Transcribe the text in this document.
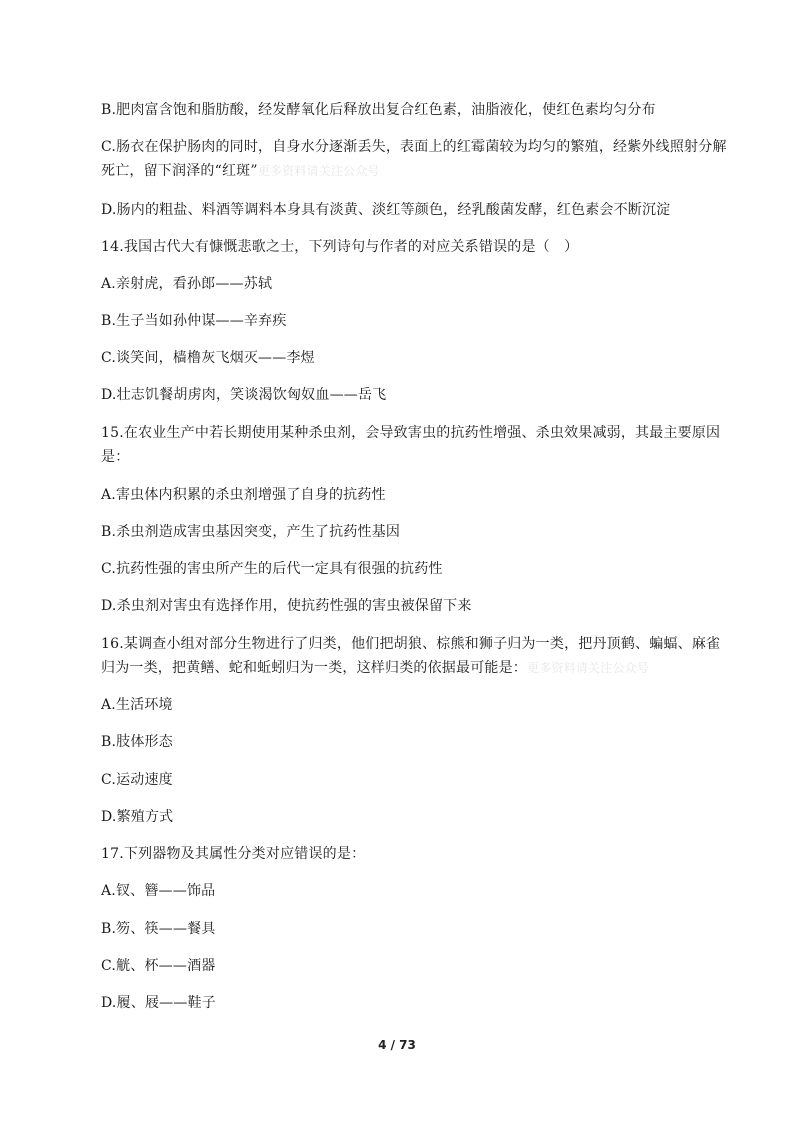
B.肥肉富含饱和脂肪酸，经发酵氧化后释放出复合红色素，油脂液化，使红色素均匀分布
C.肠衣在保护肠肉的同时，自身水分逐渐丢失，表面上的红霉菌较为均匀的繁殖，经紫外线照射分解
死亡，留下润泽的“红斑”更多资料请关注公众号
D.肠内的粗盐、料酒等调料本身具有淡黄、淡红等颜色，经乳酸菌发酵，红色素会不断沉淀
14.我国古代大有慷慨悲歌之士，下列诗句与作者的对应关系错误的是（　）
A.亲射虎，看孙郎——苏轼
B.生子当如孙仲谋——辛弃疾
C.谈笑间，樯橹灰飞烟灭——李煜
D.壮志饥餐胡虏肉，笑谈渴饮匈奴血——岳飞
15.在农业生产中若长期使用某种杀虫剂，会导致害虫的抗药性增强、杀虫效果减弱，其最主要原因
是：
A.害虫体内积累的杀虫剂增强了自身的抗药性
B.杀虫剂造成害虫基因突变，产生了抗药性基因
C.抗药性强的害虫所产生的后代一定具有很强的抗药性
D.杀虫剂对害虫有选择作用，使抗药性强的害虫被保留下来
16.某调查小组对部分生物进行了归类，他们把胡狼、棕熊和狮子归为一类，把丹顶鹤、蝙蝠、麻雀
归为一类，把黄鳝、蛇和蚯蚓归为一类，这样归类的依据最可能是：更多资料请关注公众号
A.生活环境
B.肢体形态
C.运动速度
D.繁殖方式
17.下列器物及其属性分类对应错误的是：
A.钗、簪——饰品
B.笏、筷——餐具
C.觥、杯——酒器
D.履、屐——鞋子
4 / 73
